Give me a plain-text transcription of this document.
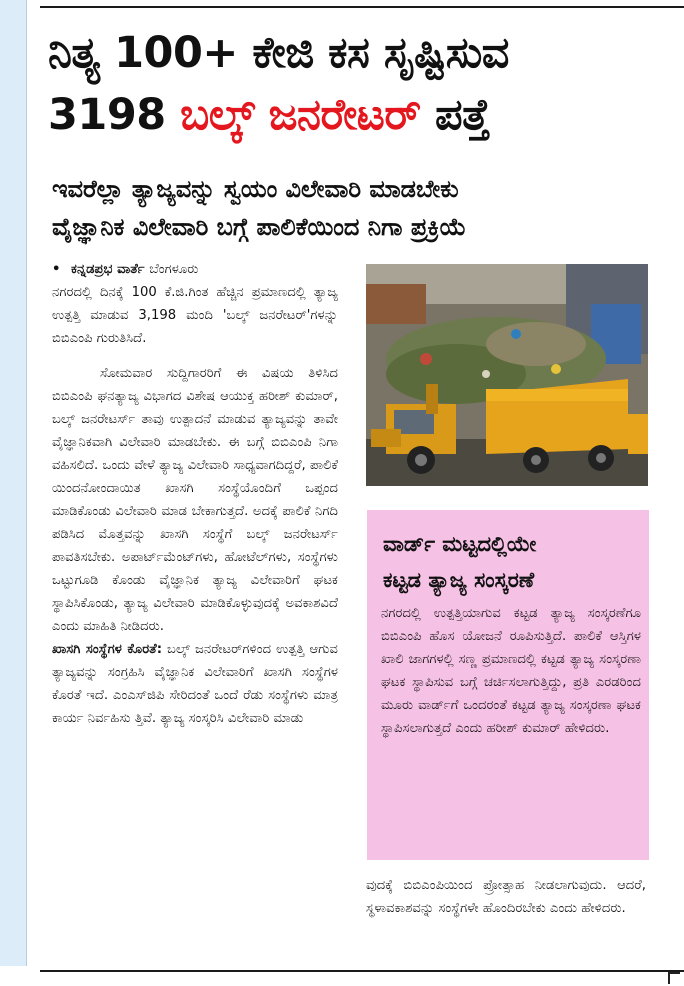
ನಿತ್ಯ 100+ ಕೇಜಿ ಕಸ ಸೃಷ್ಟಿಸುವ
3198 ಬಲ್ಕ್ ಜನರೇಟರ್ ಪತ್ತೆ
ಇವರೆಲ್ಲಾ ತ್ಯಾಜ್ಯವನ್ನು ಸ್ವಯಂ ವಿಲೇವಾರಿ ಮಾಡಬೇಕು
ವೈಜ್ಞಾನಿಕ ವಿಲೇವಾರಿ ಬಗ್ಗೆ ಪಾಲಿಕೆಯಿಂದ ನಿಗಾ ಪ್ರಕ್ರಿಯೆ

• ಕನ್ನಡಪ್ರಭ ವಾರ್ತೆ ಬೆಂಗಳೂರು

ನಗರದಲ್ಲಿ ದಿನಕ್ಕೆ 100 ಕೆ.ಜಿ.ಗಿಂತ ಹೆಚ್ಚಿನ ಪ್ರಮಾಣದಲ್ಲಿ ತ್ಯಾಜ್ಯ ಉತ್ಪತ್ತಿ ಮಾಡುವ 3,198 ಮಂದಿ 'ಬಲ್ಕ್ ಜನರೇಟರ್'ಗಳನ್ನು ಬಿಬಿಎಂಪಿ ಗುರುತಿಸಿದೆ.

ಸೋಮವಾರ ಸುದ್ದಿಗಾರರಿಗೆ ಈ ವಿಷಯ ತಿಳಿಸಿದ ಬಿಬಿಎಂಪಿ ಘನತ್ಯಾಜ್ಯ ವಿಭಾಗದ ವಿಶೇಷ ಆಯುಕ್ತ ಹರೀಶ್ ಕುಮಾರ್, ಬಲ್ಕ್ ಜನರೇಟರ್ಸ್ ತಾವು ಉತ್ಪಾದನೆ ಮಾಡುವ ತ್ಯಾಜ್ಯವನ್ನು ತಾವೇ ವೈಜ್ಞಾನಿಕವಾಗಿ ವಿಲೇವಾರಿ ಮಾಡಬೇಕು. ಈ ಬಗ್ಗೆ ಬಿಬಿಎಂಪಿ ನಿಗಾ ವಹಿಸಲಿದೆ. ಒಂದು ವೇಳೆ ತ್ಯಾಜ್ಯ ವಿಲೇವಾರಿ ಸಾಧ್ಯವಾಗದಿದ್ದರೆ, ಪಾಲಿಕೆ ಯಿಂದನೋಂದಾಯಿತ ಖಾಸಗಿ ಸಂಸ್ಥೆಯೊಂದಿಗೆ ಒಪ್ಪಂದ ಮಾಡಿಕೊಂಡು ವಿಲೇವಾರಿ ಮಾಡ ಬೇಕಾಗುತ್ತದೆ. ಅದಕ್ಕೆ ಪಾಲಿಕೆ ನಿಗದಿ ಪಡಿಸಿದ ಮೊತ್ತವನ್ನು ಖಾಸಗಿ ಸಂಸ್ಥೆಗೆ ಬಲ್ಕ್ ಜನರೇಟರ್ಸ್ ಪಾವತಿಸಬೇಕು. ಅಪಾರ್ಟ್‌ಮೆಂಟ್‌ಗಳು, ಹೋಟೆಲ್‌ಗಳು, ಸಂಸ್ಥೆಗಳು ಒಟ್ಟುಗೂಡಿ ಕೊಂಡು ವೈಜ್ಞಾನಿಕ ತ್ಯಾಜ್ಯ ವಿಲೇವಾರಿಗೆ ಘಟಕ ಸ್ಥಾಪಿಸಿಕೊಂಡು, ತ್ಯಾಜ್ಯ ವಿಲೇವಾರಿ ಮಾಡಿಕೊಳ್ಳುವುದಕ್ಕೆ ಅವಕಾಶವಿದೆ ಎಂದು ಮಾಹಿತಿ ನೀಡಿದರು.

ಖಾಸಗಿ ಸಂಸ್ಥೆಗಳ ಕೊರತೆ: ಬಲ್ಕ್ ಜನರೇಟರ್‌ಗಳಿಂದ ಉತ್ಪತ್ತಿ ಆಗುವ ತ್ಯಾಜ್ಯವನ್ನು ಸಂಗ್ರಹಿಸಿ ವೈಜ್ಞಾನಿಕ ವಿಲೇವಾರಿಗೆ ಖಾಸಗಿ ಸಂಸ್ಥೆಗಳ ಕೊರತೆ ಇದೆ. ಎಂಎಸ್‌ಜಿಪಿ ಸೇರಿದಂತೆ ಒಂದೆ ರೆಡು ಸಂಸ್ಥೆಗಳು ಮಾತ್ರ ಕಾರ್ಯ ನಿರ್ವಹಿಸು ತ್ತಿವೆ. ತ್ಯಾಜ್ಯ ಸಂಸ್ಕರಿಸಿ ವಿಲೇವಾರಿ ಮಾಡು

ವಾರ್ಡ್ ಮಟ್ಟದಲ್ಲಿಯೇ
ಕಟ್ಟಡ ತ್ಯಾಜ್ಯ ಸಂಸ್ಕರಣೆ
ನಗರದಲ್ಲಿ ಉತ್ಪತ್ತಿಯಾಗುವ ಕಟ್ಟಡ ತ್ಯಾಜ್ಯ ಸಂಸ್ಕರಣೆಗೂ ಬಿಬಿಎಂಪಿ ಹೊಸ ಯೋಜನೆ ರೂಪಿಸುತ್ತಿದೆ. ಪಾಲಿಕೆ ಆಸ್ತಿಗಳ ಖಾಲಿ ಜಾಗಗಳಲ್ಲಿ ಸಣ್ಣ ಪ್ರಮಾಣದಲ್ಲಿ ಕಟ್ಟಡ ತ್ಯಾಜ್ಯ ಸಂಸ್ಕರಣಾ ಘಟಕ ಸ್ಥಾಪಿಸುವ ಬಗ್ಗೆ ಚರ್ಚಿಸಲಾಗುತ್ತಿದ್ದು, ಪ್ರತಿ ಎರಡರಿಂದ ಮೂರು ವಾರ್ಡ್‌ಗೆ ಒಂದರಂತೆ ಕಟ್ಟಡ ತ್ಯಾಜ್ಯ ಸಂಸ್ಕರಣಾ ಘಟಕ ಸ್ಥಾಪಿಸಲಾಗುತ್ತದೆ ಎಂದು ಹರೀಶ್ ಕುಮಾರ್ ಹೇಳಿದರು.

ವುದಕ್ಕೆ ಬಿಬಿಎಂಪಿಯಿಂದ ಪ್ರೋತ್ಸಾಹ ನೀಡಲಾಗುವುದು. ಆದರೆ, ಸ್ಥಳಾವಕಾಶವನ್ನು ಸಂಸ್ಥೆಗಳೇ ಹೊಂದಿರಬೇಕು ಎಂದು ಹೇಳಿದರು.
